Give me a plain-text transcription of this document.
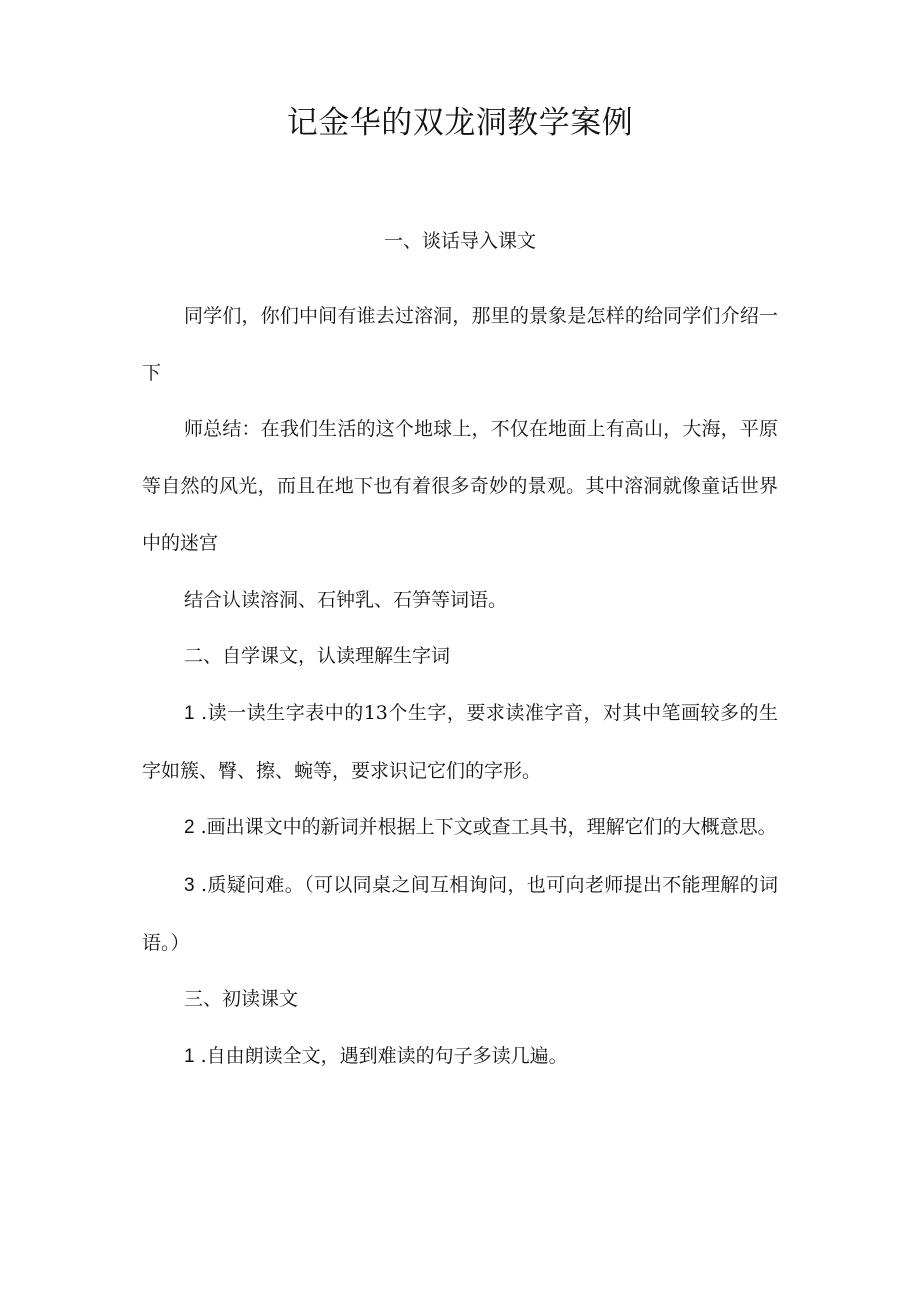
记金华的双龙洞教学案例
一、谈话导入课文

同学们，你们中间有谁去过溶洞，那里的景象是怎样的给同学们介绍一下

师总结：在我们生活的这个地球上，不仅在地面上有高山，大海，平原等自然的风光，而且在地下也有着很多奇妙的景观。其中溶洞就像童话世界中的迷宫

结合认读溶洞、石钟乳、石笋等词语。

二、自学课文，认读理解生字词

1 .读一读生字表中的13个生字，要求读准字音，对其中笔画较多的生字如簇、臀、擦、蜿等，要求识记它们的字形。

2 .画出课文中的新词并根据上下文或查工具书，理解它们的大概意思。

3 .质疑问难。（可以同桌之间互相询问，也可向老师提出不能理解的词语。）

三、初读课文

1 .自由朗读全文，遇到难读的句子多读几遍。
